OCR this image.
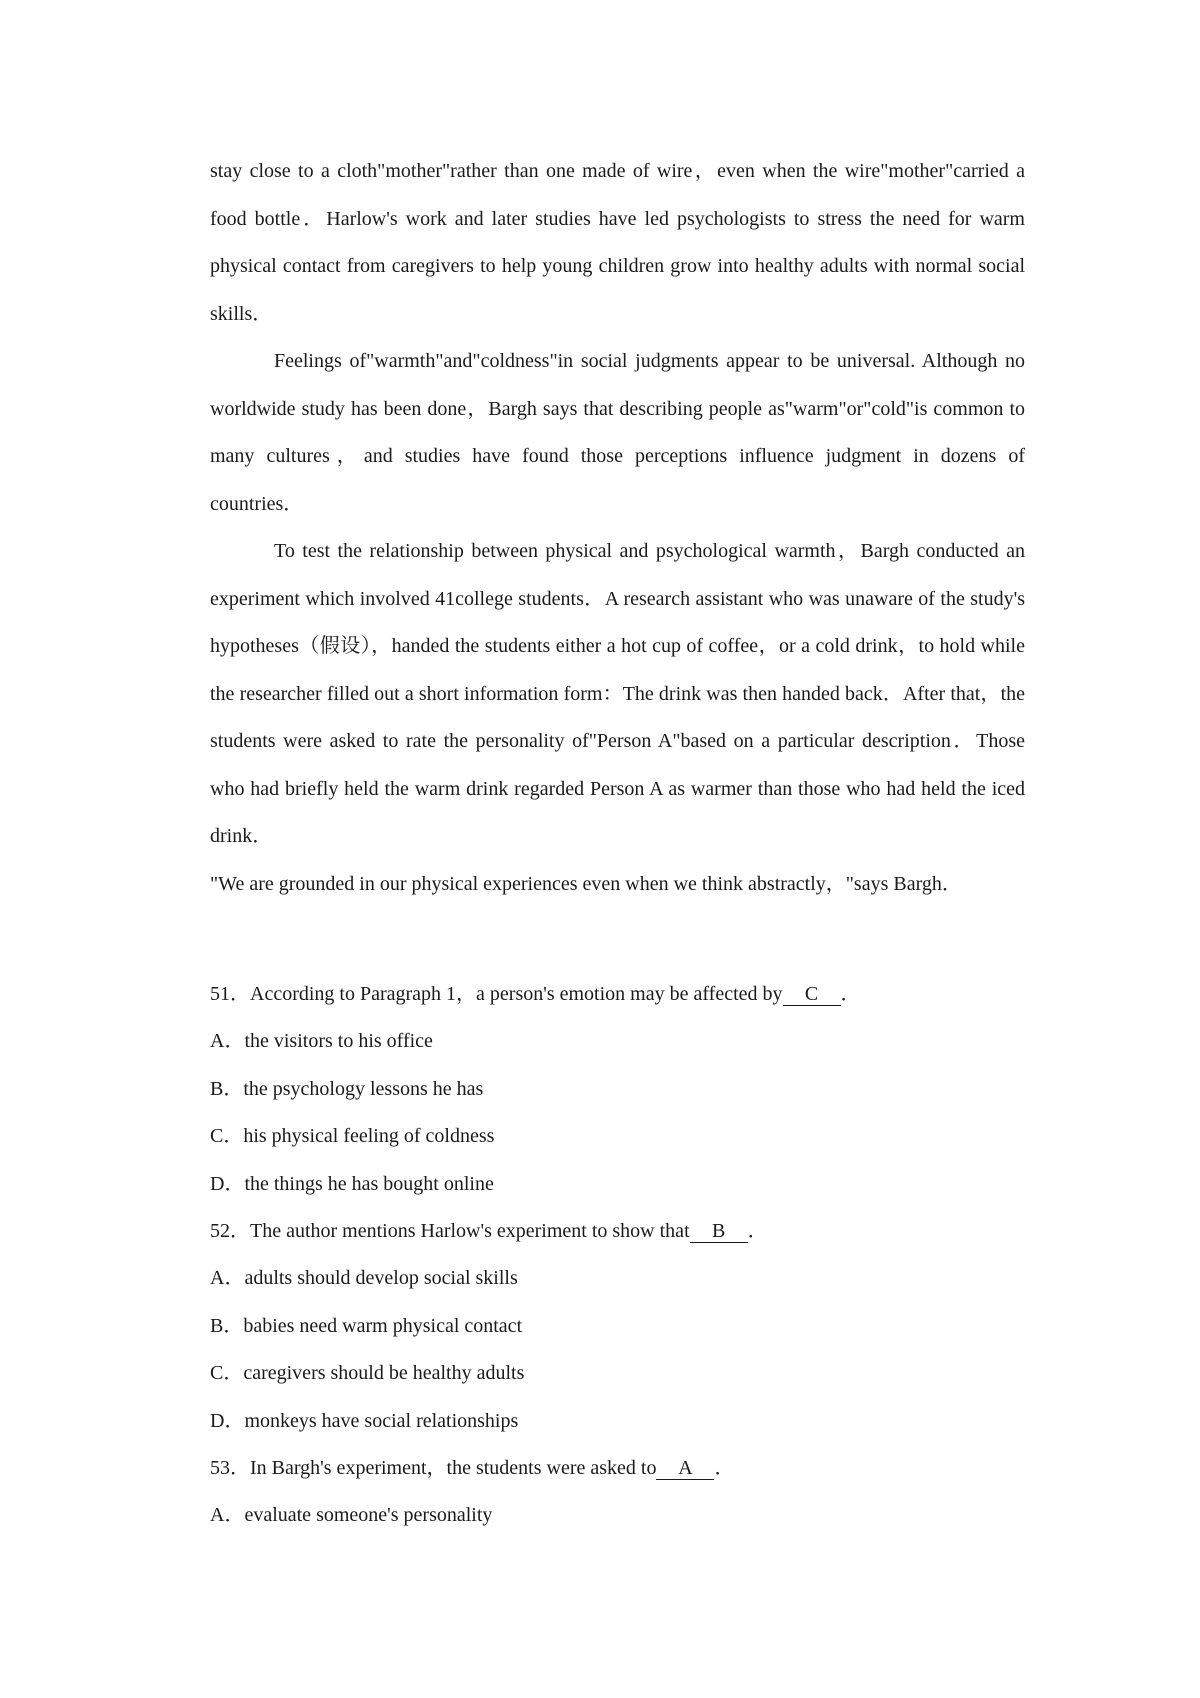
stay close to a cloth"mother"rather than one made of wire，even when the wire"mother"carried a food bottle．Harlow's work and later studies have led psychologists to stress the need for warm physical contact from caregivers to help young children grow into healthy adults with normal social skills．

Feelings of"warmth"and"coldness"in social judgments appear to be universal. Although no worldwide study has been done，Bargh says that describing people as"warm"or"cold"is common to many cultures，and studies have found those perceptions influence judgment in dozens of countries．

To test the relationship between physical and psychological warmth，Bargh conducted an experiment which involved 41college students．A research assistant who was unaware of the study's hypotheses（假设），handed the students either a hot cup of coffee，or a cold drink，to hold while the researcher filled out a short information form：The drink was then handed back．After that，the students were asked to rate the personality of"Person A"based on a particular description．Those who had briefly held the warm drink regarded Person A as warmer than those who had held the iced drink．

"We are grounded in our physical experiences even when we think abstractly，"says Bargh．

51．According to Paragraph 1，a person's emotion may be affected by C ．

A．the visitors to his office

B．the psychology lessons he has

C．his physical feeling of coldness

D．the things he has bought online

52．The author mentions Harlow's experiment to show that B ．

A．adults should develop social skills

B．babies need warm physical contact

C．caregivers should be healthy adults

D．monkeys have social relationships

53．In Bargh's experiment，the students were asked to A ．

A．evaluate someone's personality
